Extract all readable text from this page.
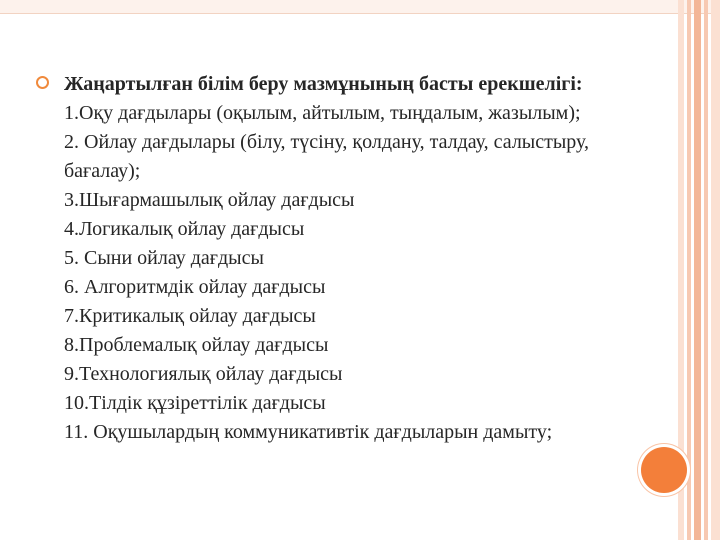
Жаңартылған білім беру мазмұнының басты ерекшелігі:
1.Оқу дағдылары (оқылым, айтылым, тыңдалым, жазылым);
2. Ойлау дағдылары (білу, түсіну, қолдану, талдау, салыстыру, бағалау);
3.Шығармашылық ойлау дағдысы
4.Логикалық ойлау дағдысы
5. Сыни ойлау дағдысы
6. Алгоритмдік ойлау дағдысы
7.Критикалық ойлау дағдысы
8.Проблемалық ойлау дағдысы
9.Технологиялық ойлау дағдысы
10.Тілдік құзіреттілік дағдысы
11. Оқушылардың коммуникативтік дағдыларын дамыту;
